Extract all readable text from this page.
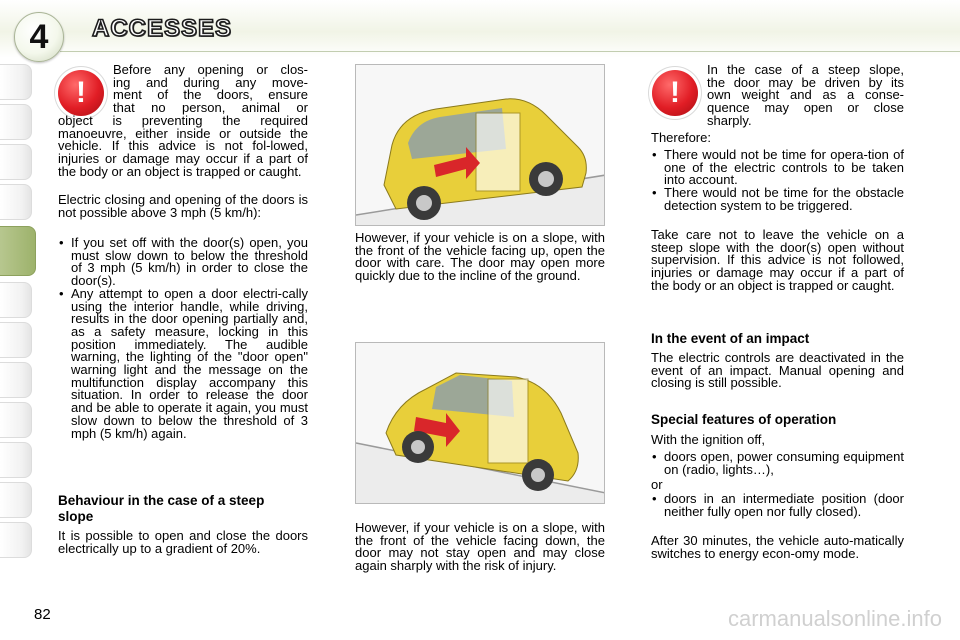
4 ACCESSES
!
Before any opening or clos-
ing and during any move-
ment of the doors, ensure
that no person, animal or

object is preventing the required manoeuvre, either inside or outside the vehicle. If this advice is not fol-lowed, injuries or damage may occur if a part of the body or an object is trapped or caught.

Electric closing and opening of the doors is not possible above 3 mph (5 km/h):

• If you set off with the door(s) open, you must slow down to below the threshold of 3 mph (5 km/h) in order to close the door(s).
• Any attempt to open a door electri-cally using the interior handle, while driving, results in the door opening partially and, as a safety measure, locking in this position immediately. The audible warning, the lighting of the "door open" warning light and the message on the multifunction display accompany this situation. In order to release the door and be able to operate it again, you must slow down to below the threshold of 3 mph (5 km/h) again.
Behaviour in the case of a steep slope

It is possible to open and close the doors electrically up to a gradient of 20%.

However, if your vehicle is on a slope, with the front of the vehicle facing up, open the door with care. The door may open more quickly due to the incline of the ground.

However, if your vehicle is on a slope, with the front of the vehicle facing down, the door may not stay open and may close again sharply with the risk of injury.

!
In the case of a steep slope,
the door may be driven by its
own weight and as a conse-
quence may open or close
sharply.

Therefore:

• There would not be time for opera-tion of one of the electric controls to be taken into account.
• There would not be time for the obstacle detection system to be triggered.

Take care not to leave the vehicle on a steep slope with the door(s) open without supervision. If this advice is not followed, injuries or damage may occur if a part of the body or an object is trapped or caught.

In the event of an impact

The electric controls are deactivated in the event of an impact. Manual opening and closing is still possible.

Special features of operation

With the ignition off,

• doors open, power consuming equipment on (radio, lights…),

or

• doors in an intermediate position (door neither fully open nor fully closed).

After 30 minutes, the vehicle auto-matically switches to energy econ-omy mode.

82	carmanualsonline.info
